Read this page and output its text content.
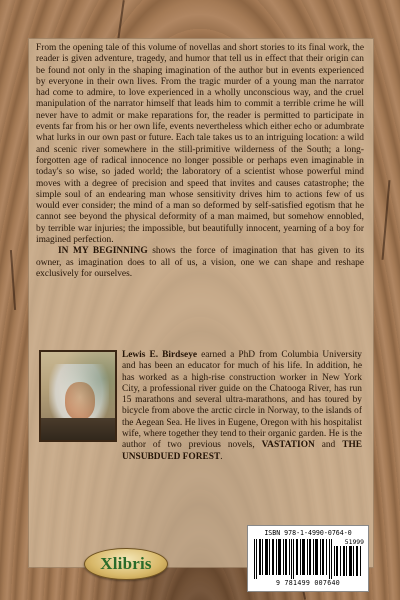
From the opening tale of this volume of novellas and short stories to its final work, the reader is given adventure, tragedy, and humor that tell us in effect that their origin can be found not only in the shaping imagination of the author but in events experienced by everyone in their own lives. From the tragic murder of a young man the narrator had come to admire, to love experienced in a wholly unconscious way, and the cruel manipulation of the narrator himself that leads him to commit a terrible crime he will never have to admit or make reparations for, the reader is permitted to participate in events far from his or her own life, events nevertheless which either echo or adumbrate what lurks in our own past or future. Each tale takes us to an intriguing location: a wild and scenic river somewhere in the still-primitive wilderness of the South; a long-forgotten age of radical innocence no longer possible or perhaps even imaginable in today's so wise, so jaded world; the laboratory of a scientist whose powerful mind moves with a degree of precision and speed that invites and causes catastrophe; the simple soul of an endearing man whose sensitivity drives him to actions few of us would ever consider; the mind of a man so deformed by self-satisfied egotism that he cannot see beyond the physical deformity of a man maimed, but somehow ennobled, by terrible war injuries; the impossible, but beautifully innocent, yearning of a boy for imagined perfection.

IN MY BEGINNING shows the force of imagination that has given to its owner, as imagination does to all of us, a vision, one we can shape and reshape exclusively for ourselves.

Lewis E. Birdseye earned a PhD from Columbia University and has been an educator for much of his life. In addition, he has worked as a high-rise construction worker in New York City, a professional river guide on the Chatooga River, has run 15 marathons and several ultra-marathons, and has toured by bicycle from above the arctic circle in Norway, to the islands of the Aegean Sea. He lives in Eugene, Oregon with his hospitalist wife, where together they tend to their organic garden. He is the author of two previous novels, VASTATION and THE UNSUBDUED FOREST.
ISBN 978-1-4990-0764-0
51999
9 781499 007640
Xlibris
